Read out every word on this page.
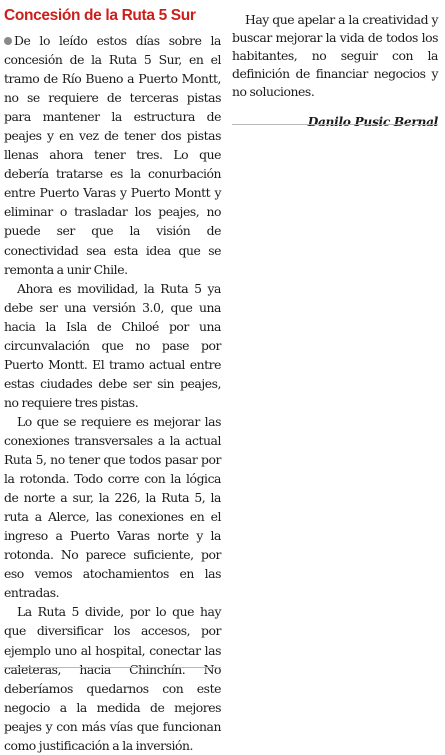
Concesión de la Ruta 5 Sur

De lo leído estos días sobre la concesión de la Ruta 5 Sur, en el tramo de Río Bueno a Puerto Montt, no se requiere de terceras pistas para mantener la estructura de peajes y en vez de tener dos pistas llenas ahora tener tres. Lo que debería tratarse es la conurbación entre Puerto Varas y Puerto Montt y eliminar o trasladar los peajes, no puede ser que la visión de conectividad sea esta idea que se remonta a unir Chile.

Ahora es movilidad, la Ruta 5 ya debe ser una versión 3.0, que una hacia la Isla de Chiloé por una circunvalación que no pase por Puerto Montt. El tramo actual entre estas ciudades debe ser sin peajes, no requiere tres pistas.

Lo que se requiere es mejorar las conexiones transversales a la actual Ruta 5, no tener que todos pasar por la rotonda. Todo corre con la lógica de norte a sur, la 226, la Ruta 5, la ruta a Alerce, las conexiones en el ingreso a Puerto Varas norte y la rotonda. No parece suficiente, por eso vemos atochamientos en las entradas.

La Ruta 5 divide, por lo que hay que diversificar los accesos, por ejemplo uno al hospital, conectar las caleteras, hacia Chinchín. No deberíamos quedarnos con este negocio a la medida de mejores peajes y con más vías que funcionan como justificación a la inversión.

Hay que apelar a la creatividad y buscar mejorar la vida de todos los habitantes, no seguir con la definición de financiar negocios y no soluciones.

Danilo Pusic Bernal
